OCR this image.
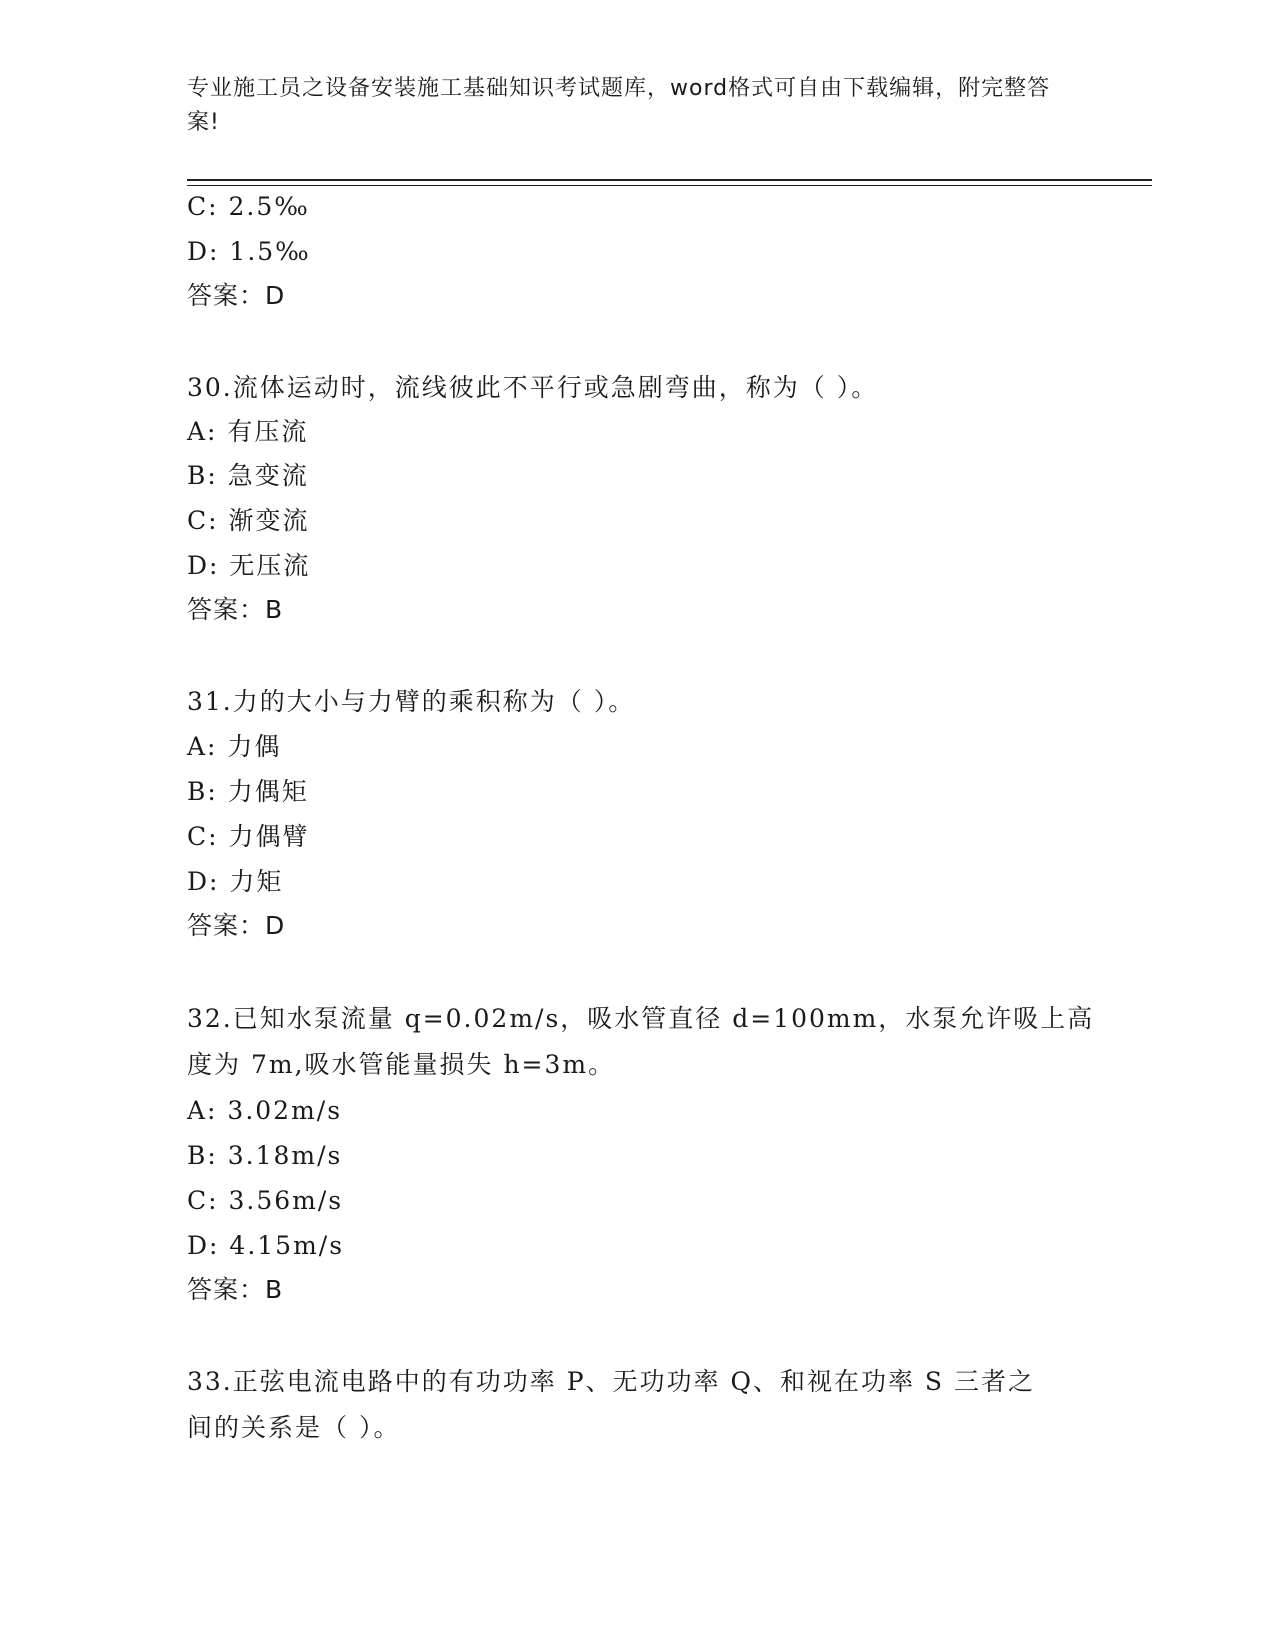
专业施工员之设备安装施工基础知识考试题库，word格式可自由下载编辑，附完整答案!
C: 2.5‰
D: 1.5‰
答案：D
30.流体运动时，流线彼此不平行或急剧弯曲，称为（ ）。
A: 有压流
B: 急变流
C: 渐变流
D: 无压流
答案：B
31.力的大小与力臂的乘积称为（ ）。
A: 力偶
B: 力偶矩
C: 力偶臂
D: 力矩
答案：D
32.已知水泵流量 q=0.02m/s，吸水管直径 d=100mm，水泵允许吸上高
度为 7m,吸水管能量损失 h=3m。
A: 3.02m/s
B: 3.18m/s
C: 3.56m/s
D: 4.15m/s
答案：B
33.正弦电流电路中的有功功率 P、无功功率 Q、和视在功率 S 三者之
间的关系是（ ）。
